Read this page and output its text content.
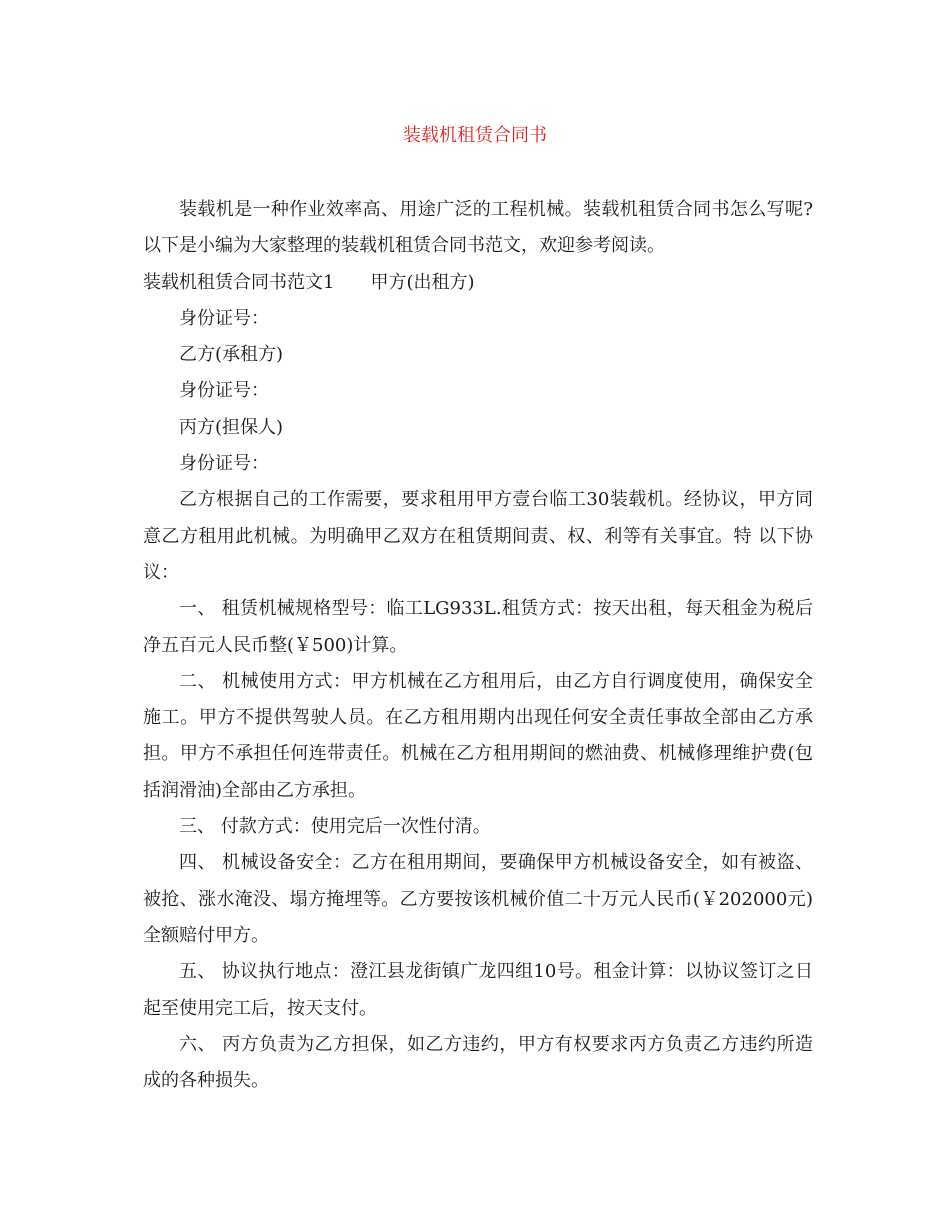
装载机租赁合同书

装载机是一种作业效率高、用途广泛的工程机械。装载机租赁合同书怎么写呢?以下是小编为大家整理的装载机租赁合同书范文，欢迎参考阅读。

装载机租赁合同书范文1 甲方(出租方)

身份证号：

乙方(承租方)

身份证号：

丙方(担保人)

身份证号：

乙方根据自己的工作需要，要求租用甲方壹台临工30装载机。经协议，甲方同意乙方租用此机械。为明确甲乙双方在租赁期间责、权、利等有关事宜。特 以下协议：

一、 租赁机械规格型号：临工LG933L.租赁方式：按天出租，每天租金为税后净五百元人民币整(￥500)计算。

二、 机械使用方式：甲方机械在乙方租用后，由乙方自行调度使用，确保安全施工。甲方不提供驾驶人员。在乙方租用期内出现任何安全责任事故全部由乙方承担。甲方不承担任何连带责任。机械在乙方租用期间的燃油费、机械修理维护费(包括润滑油)全部由乙方承担。

三、 付款方式：使用完后一次性付清。

四、 机械设备安全：乙方在租用期间，要确保甲方机械设备安全，如有被盗、被抢、涨水淹没、塌方掩埋等。乙方要按该机械价值二十万元人民币(￥202000元)全额赔付甲方。

五、 协议执行地点：澄江县龙街镇广龙四组10号。租金计算：以协议签订之日起至使用完工后，按天支付。

六、 丙方负责为乙方担保，如乙方违约，甲方有权要求丙方负责乙方违约所造成的各种损失。
